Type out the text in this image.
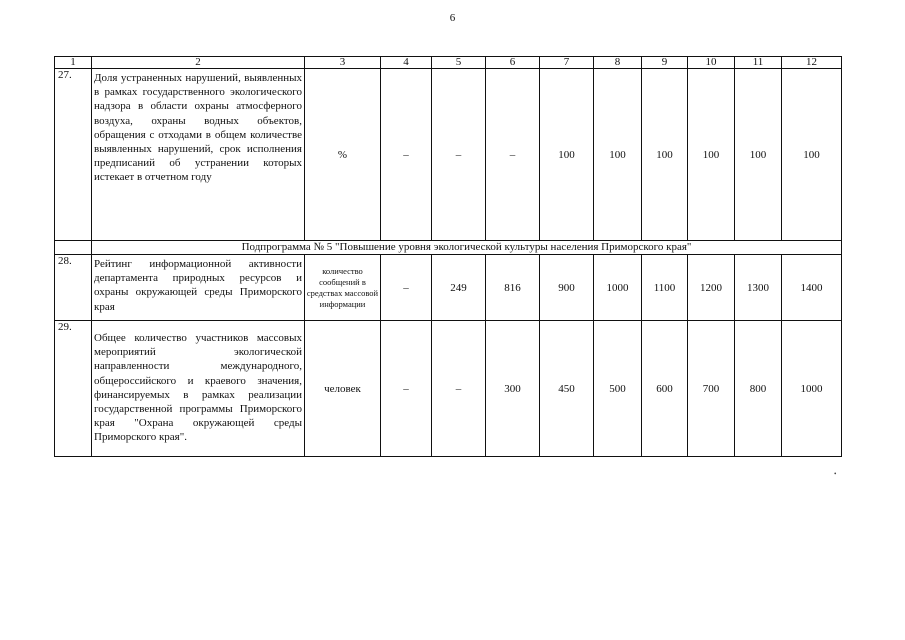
6
1	2	3	4	5	6	7	8	9	10	11	12
27.	Доля устраненных нарушений, выявленных в рамках государственного экологического надзора в области охраны атмосферного воздуха, охраны водных объектов, обращения с отходами в общем количестве выявленных нарушений, срок исполнения предписаний об устранении которых истекает в отчетном году	%	–	–	–	100	100	100	100	100	100
	Подпрограмма № 5 "Повышение уровня экологической культуры населения Приморского края"										
28.	Рейтинг информационной активности департамента природных ресурсов и охраны окружающей среды Приморского края	количество сообщений в средствах массовой информации	–	249	816	900	1000	1100	1200	1300	1400
29.	Общее количество участников массовых мероприятий экологической направленности международного, общероссийского и краевого значения, финансируемых в рамках реализации государственной программы Приморского края "Охрана окружающей среды Приморского края".	человек	–	–	300	450	500	600	700	800	1000
•
